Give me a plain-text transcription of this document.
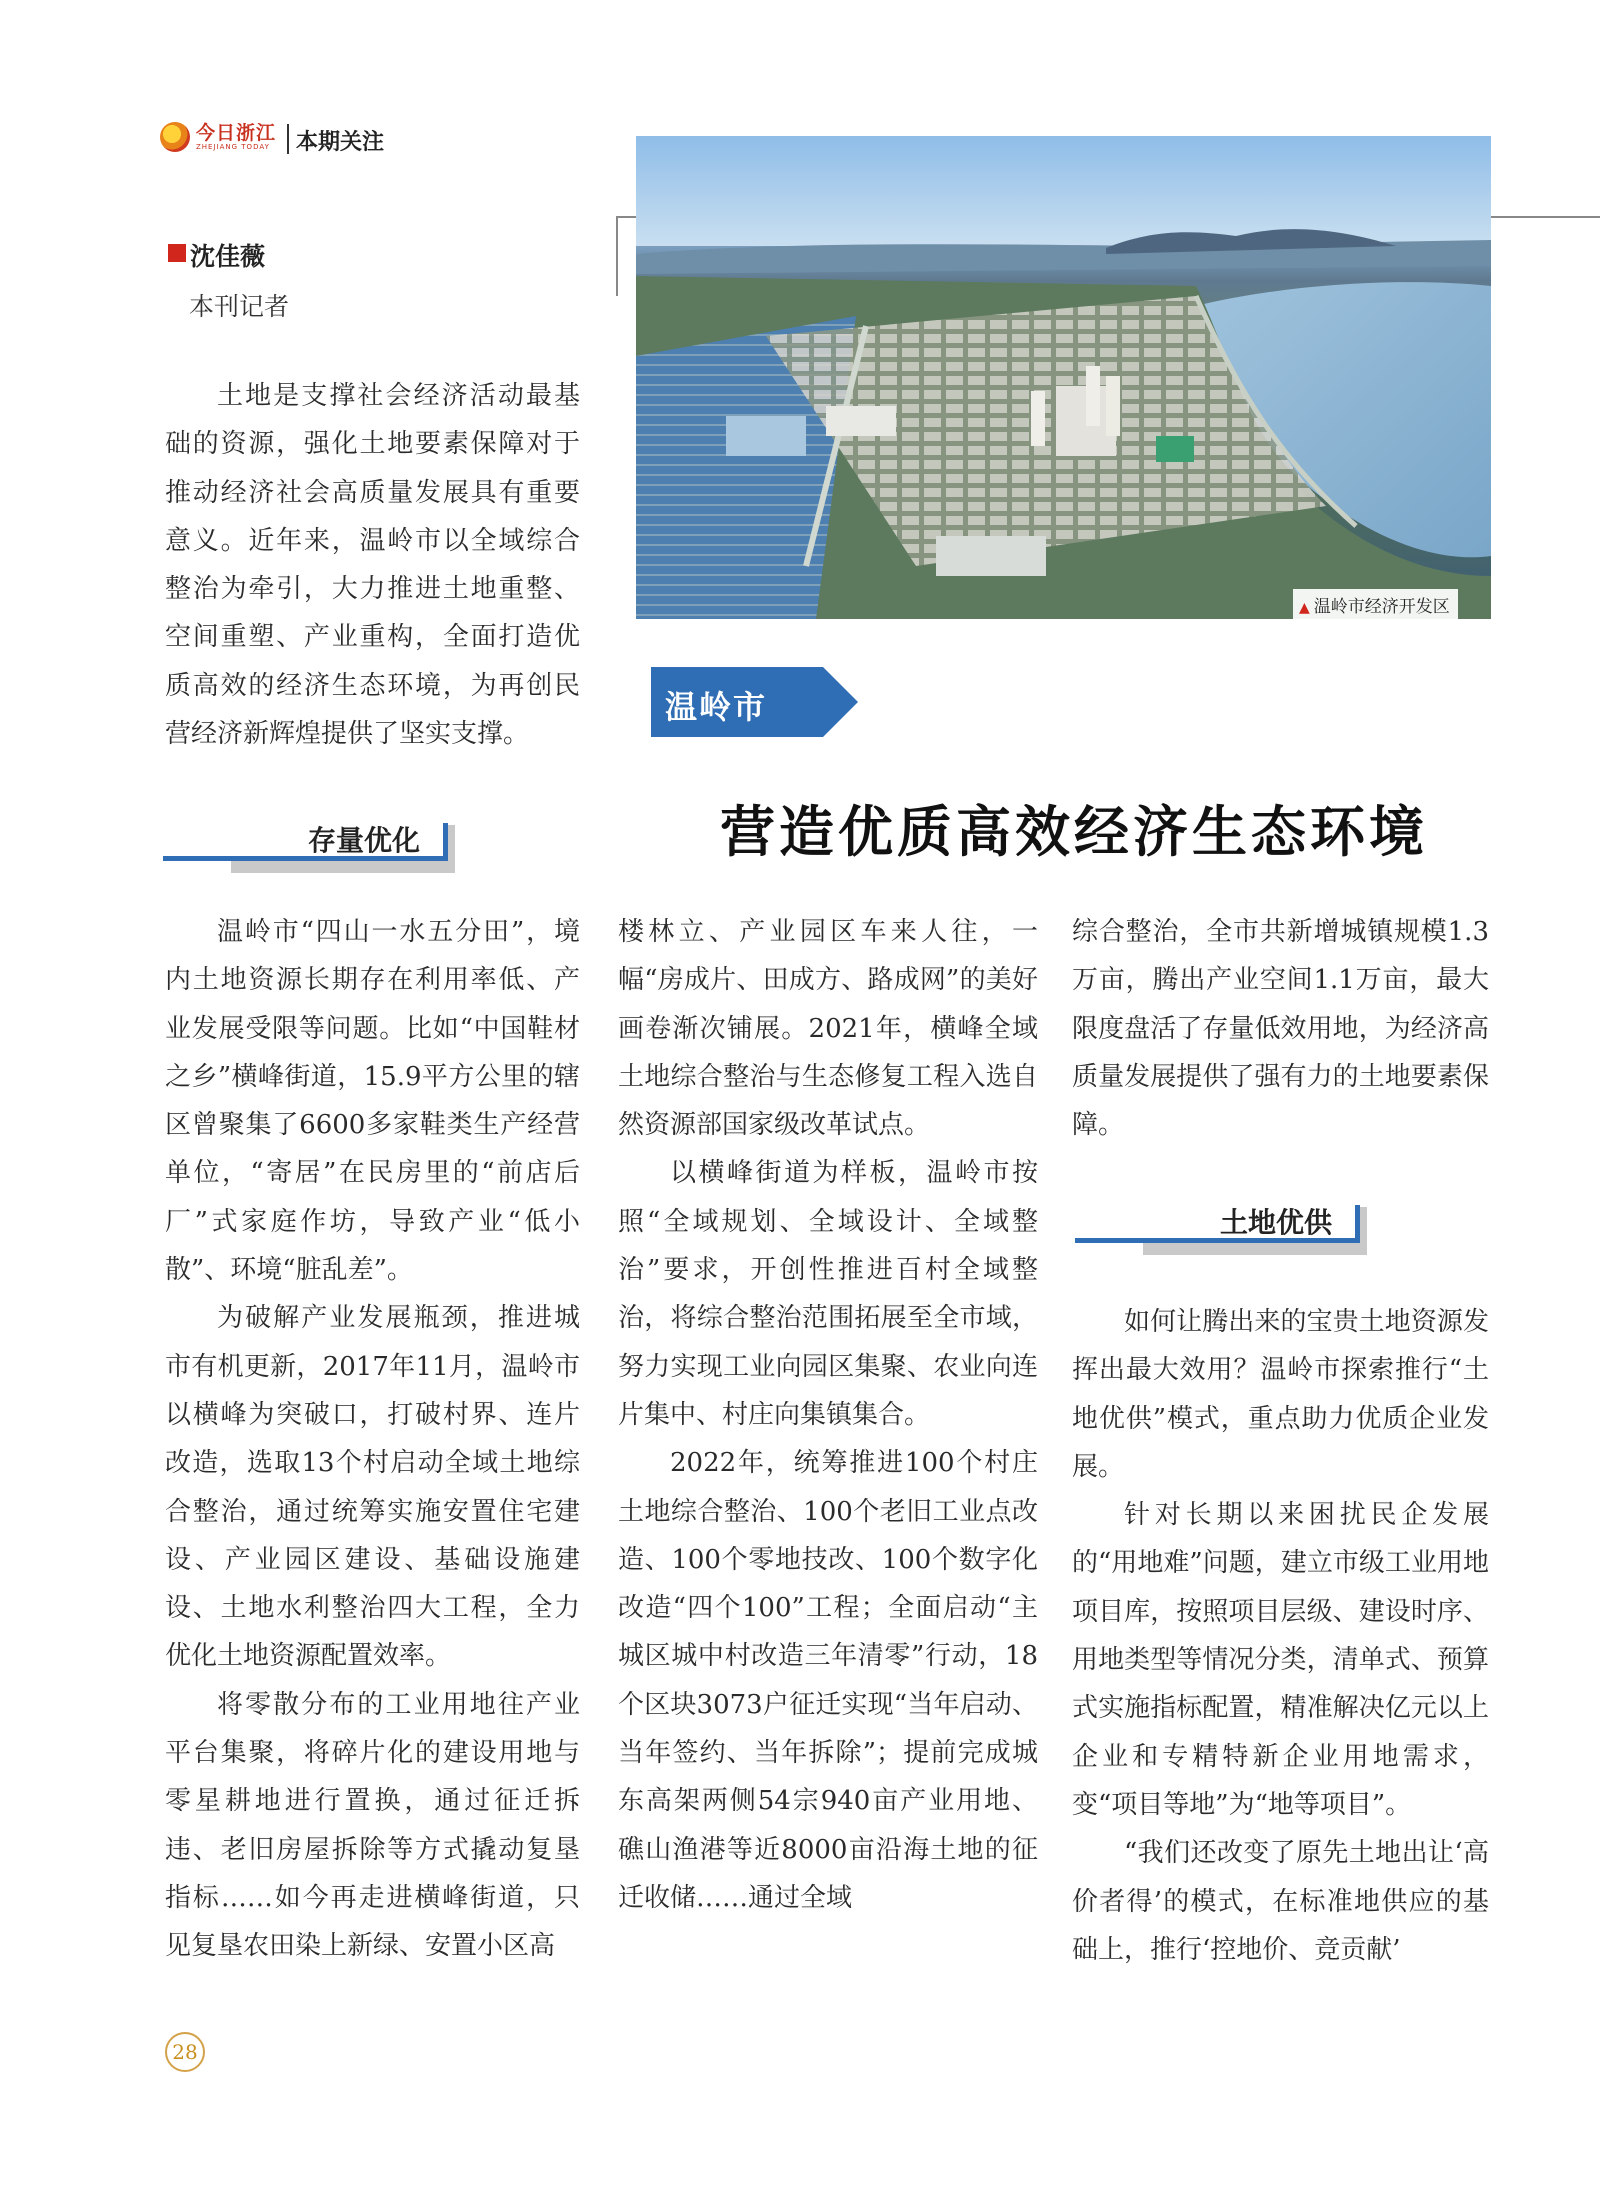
今日浙江
ZHEJIANG TODAY 本期关注
沈佳薇
本刊记者
▲ 温岭市经济开发区
温岭市
营造优质高效经济生态环境

土地是支撑社会经济活动最基础的资源，强化土地要素保障对于推动经济社会高质量发展具有重要意义。近年来，温岭市以全域综合整治为牵引，大力推进土地重整、空间重塑、产业重构，全面打造优质高效的经济生态环境，为再创民营经济新辉煌提供了坚实支撑。

存量优化

温岭市“四山一水五分田”，境内土地资源长期存在利用率低、产业发展受限等问题。比如“中国鞋材之乡”横峰街道，15.9平方公里的辖区曾聚集了6600多家鞋类生产经营单位，“寄居”在民房里的“前店后厂”式家庭作坊，导致产业“低小散”、环境“脏乱差”。

为破解产业发展瓶颈，推进城市有机更新，2017年11月，温岭市以横峰为突破口，打破村界、连片改造，选取13个村启动全域土地综合整治，通过统筹实施安置住宅建设、产业园区建设、基础设施建设、土地水利整治四大工程，全力优化土地资源配置效率。

将零散分布的工业用地往产业平台集聚，将碎片化的建设用地与零星耕地进行置换，通过征迁拆违、老旧房屋拆除等方式撬动复垦指标……如今再走进横峰街道，只见复垦农田染上新绿、安置小区高

楼林立、产业园区车来人往，一幅“房成片、田成方、路成网”的美好画卷渐次铺展。2021年，横峰全域土地综合整治与生态修复工程入选自然资源部国家级改革试点。

以横峰街道为样板，温岭市按照“全域规划、全域设计、全域整治”要求，开创性推进百村全域整治，将综合整治范围拓展至全市域，努力实现工业向园区集聚、农业向连片集中、村庄向集镇集合。

2022年，统筹推进100个村庄土地综合整治、100个老旧工业点改造、100个零地技改、100个数字化改造“四个100”工程；全面启动“主城区城中村改造三年清零”行动，18个区块3073户征迁实现“当年启动、当年签约、当年拆除”；提前完成城东高架两侧54宗940亩产业用地、礁山渔港等近8000亩沿海土地的征迁收储……通过全域

综合整治，全市共新增城镇规模1.3万亩，腾出产业空间1.1万亩，最大限度盘活了存量低效用地，为经济高质量发展提供了强有力的土地要素保障。

土地优供

如何让腾出来的宝贵土地资源发挥出最大效用？温岭市探索推行“土地优供”模式，重点助力优质企业发展。

针对长期以来困扰民企发展的“用地难”问题，建立市级工业用地项目库，按照项目层级、建设时序、用地类型等情况分类，清单式、预算式实施指标配置，精准解决亿元以上企业和专精特新企业用地需求，变“项目等地”为“地等项目”。

“我们还改变了原先土地出让‘高价者得’的模式，在标准地供应的基础上，推行‘控地价、竞贡献’

28
